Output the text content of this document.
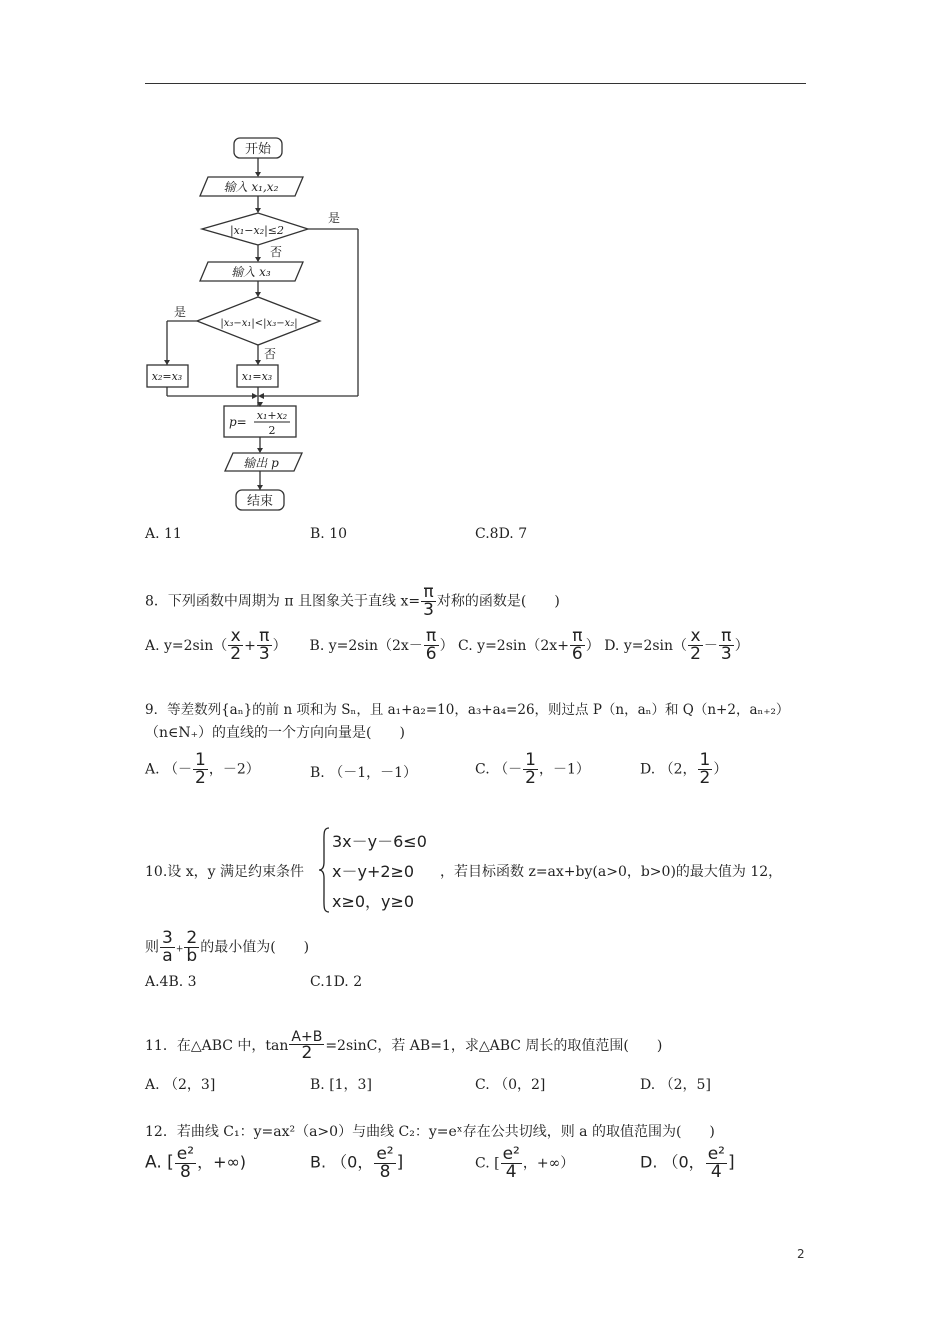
开始
输入 x₁,x₂
|x₁−x₂|≤2
是
否
输入 x₃
|x₃−x₁|<|x₃−x₂|
是
否
x₂=x₃	x₁=x₃
p= x₁+x₂
2
输出 p
结束
A. 11	B. 10	C.8D. 7
8．下列函数中周期为 π 且图象关于直线 $x= \frac{\pi}{3}$ 对称的函数是(　　)
A. $y=2\sin( \frac{x}{2} + \frac{\pi}{3}$ ） B. $y=2\sin(2x- \frac{\pi}{6}$ ） C. $y=2\sin(2x+ \frac{\pi}{6}$ ） D. $y=2\sin( \frac{x}{2} - \frac{\pi}{3}$ ）
9．等差数列{aₙ}的前 n 项和为 Sₙ，且 a₁+a₂=10，a₃+a₄=26，则过点 P（n，aₙ）和 Q（n+2，aₙ₊₂）
（n∈N₊）的直线的一个方向向量是(　　)
A. （－ $\frac{1}{2}$ ，－2）	B. （－1，－1）	C. （－ $\frac{1}{2}$ ，－1）	D. （2， $\frac{1}{2}$ ）
10.设 x，y 满足约束条件
3x－y－6≤0
x－y+2≥0
x≥0，y≥0
，若目标函数 z=ax+by(a>0，b>0)的最大值为 12，
则 $\frac{3}{a} + \frac{2}{b}$ 的最小值为(　　)
A.4B. 3	C.1D. 2
11．在△ABC 中，$\tan \frac{A+B}{2} =2\sin C$，若 AB=1，求△ABC 周长的取值范围(　　)
A. （2，3]	B. [1，3]	C. （0，2]	D. （2，5]
12．若曲线 C₁：y=ax²（a>0）与曲线 C₂：y=eˣ存在公共切线，则 a 的取值范围为(　　)
A. [ $\frac{\text{e²}}{8}$ ，+∞)	B. （0， $\frac{\text{e²}}{8}$ ]	C. [ $\frac{\text{e²}}{4}$ ，+∞）	D. （0， $\frac{\text{e²}}{4}$ ]
2
